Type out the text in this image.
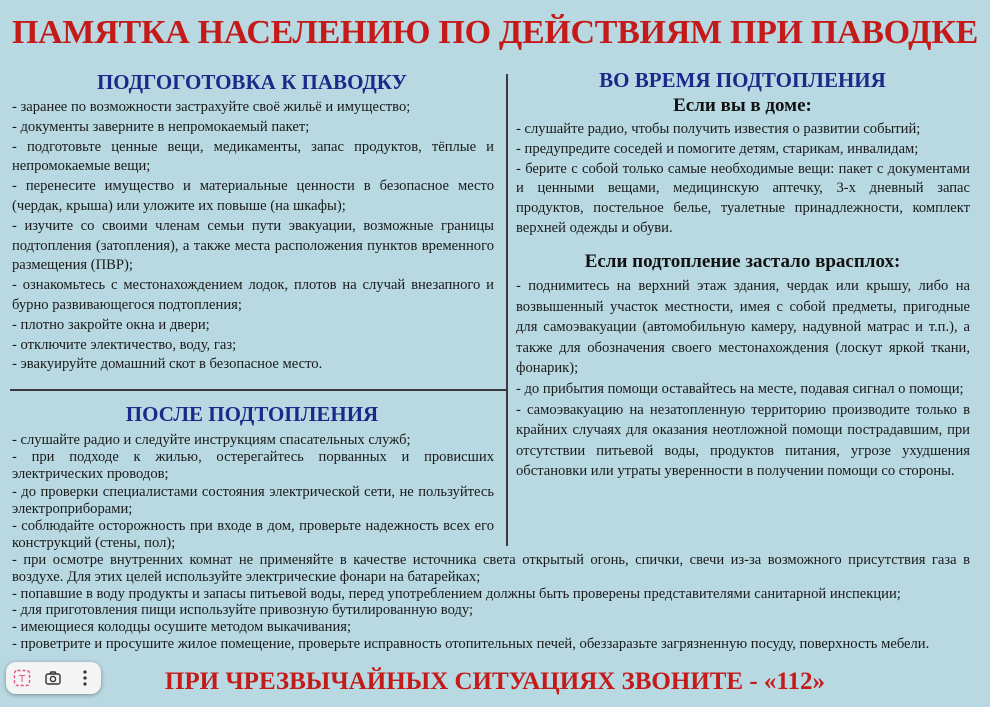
ПАМЯТКА НАСЕЛЕНИЮ ПО ДЕЙСТВИЯМ ПРИ ПАВОДКЕ
ПОДГОГОТОВКА К ПАВОДКУ
- заранее по возможности застрахуйте своё жильё и имущество;
- документы заверните в непромокаемый пакет;
- подготовьте ценные вещи, медикаменты, запас продуктов, тёплые и непромокаемые вещи;
- перенесите имущество и материальные ценности в безопасное место (чердак, крыша) или уложите их повыше (на шкафы);
- изучите со своими членам семьи пути эвакуации, возможные границы подтопления (затопления), а также места расположения пунктов временного размещения (ПВР);
- ознакомьтесь с местонахождением лодок, плотов на случай внезапного и бурно развивающегося подтопления;
- плотно закройте окна и двери;
- отключите электичество, воду, газ;
- эвакуируйте домашний скот в безопасное место.
ПОСЛЕ ПОДТОПЛЕНИЯ
- слушайте радио и следуйте инструкциям спасательных служб;
- при подходе к жилью, остерегайтесь порванных и провисших электрических проводов;
- до проверки специалистами состояния электрической сети, не пользуйтесь электроприборами;
- соблюдайте осторожность при входе в дом, проверьте надежность всех его конструкций (стены, пол);
ВО ВРЕМЯ ПОДТОПЛЕНИЯ
Если вы в доме:
- слушайте радио, чтобы получить известия о развитии событий;
- предупредите соседей и помогите детям, старикам, инвалидам;
- берите с собой только самые необходимые вещи: пакет с документами и ценными вещами, медицинскую аптечку, 3-х дневный запас продуктов, постельное белье, туалетные принадлежности, комплект верхней одежды и обуви.
Если подтопление застало врасплох:
- поднимитесь на верхний этаж здания, чердак или крышу, либо на возвышенный участок местности, имея с собой предметы, пригодные для самоэвакуации (автомобильную камеру, надувной матрас и т.п.), а также для обозначения своего местонахождения (лоскут яркой ткани, фонарик);
- до прибытия помощи оставайтесь на месте, подавая сигнал о помощи;
- самоэвакуацию на незатопленную территорию производите только в крайних случаях для оказания неотложной помощи пострадавшим, при отсутствии питьевой воды, продуктов питания, угрозе ухудшения обстановки или утраты уверенности в получении помощи со стороны.
- при осмотре внутренних комнат не применяйте в качестве источника света открытый огонь, спички, свечи из-за возможного присутствия газа в воздухе. Для этих целей используйте электрические фонари на батарейках;
- попавшие в воду продукты и запасы питьевой воды, перед употреблением должны быть проверены представителями санитарной инспекции;
- для приготовления пищи используйте привозную бутилированную воду;
- имеющиеся колодцы осушите методом выкачивания;
- проветрите и просушите жилое помещение, проверьте исправность отопительных печей, обеззаразьте загрязненную посуду, поверхность мебели.
ПРИ ЧРЕЗВЫЧАЙНЫХ СИТУАЦИЯХ ЗВОНИТЕ - «112»
T
